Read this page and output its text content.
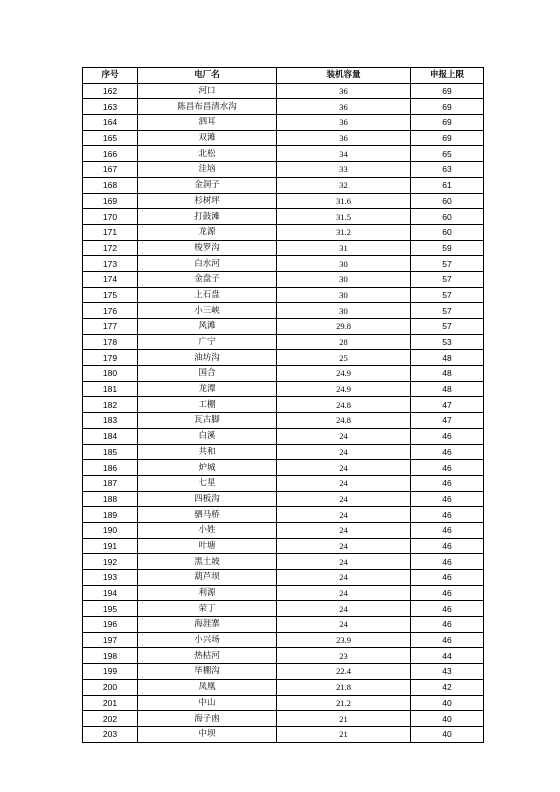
序号	电厂名	装机容量	申报上限
162	河口	36	69
163	陈昌布昌清水沟	36	69
164	泗耳	36	69
165	双滩	36	69
166	北松	34	65
167	洼垴	33	63
168	金洞子	32	61
169	杉树坪	31.6	60
170	打鼓滩	31.5	60
171	龙源	31.2	60
172	梭罗沟	31	59
173	白水河	30	57
174	金盘子	30	57
175	上石盘	30	57
176	小三峡	30	57
177	风滩	29.8	57
178	广宁	28	53
179	油坊沟	25	48
180	国合	24.9	48
181	龙潭	24.9	48
182	工棚	24.8	47
183	瓦古脚	24.8	47
184	白溪	24	46
185	共和	24	46
186	炉城	24	46
187	七星	24	46
188	四板沟	24	46
189	驷马桥	24	46
190	小姓	24	46
191	叶塘	24	46
192	黑土坡	24	46
193	葫芦坝	24	46
194	利源	24	46
195	荣丁	24	46
196	海涯寨	24	46
197	小兴场	23.9	46
198	热枯河	23	44
199	毕棚沟	22.4	43
200	凤凰	21.8	42
201	中山	21.2	40
202	海子凼	21	40
203	中坝	21	40
